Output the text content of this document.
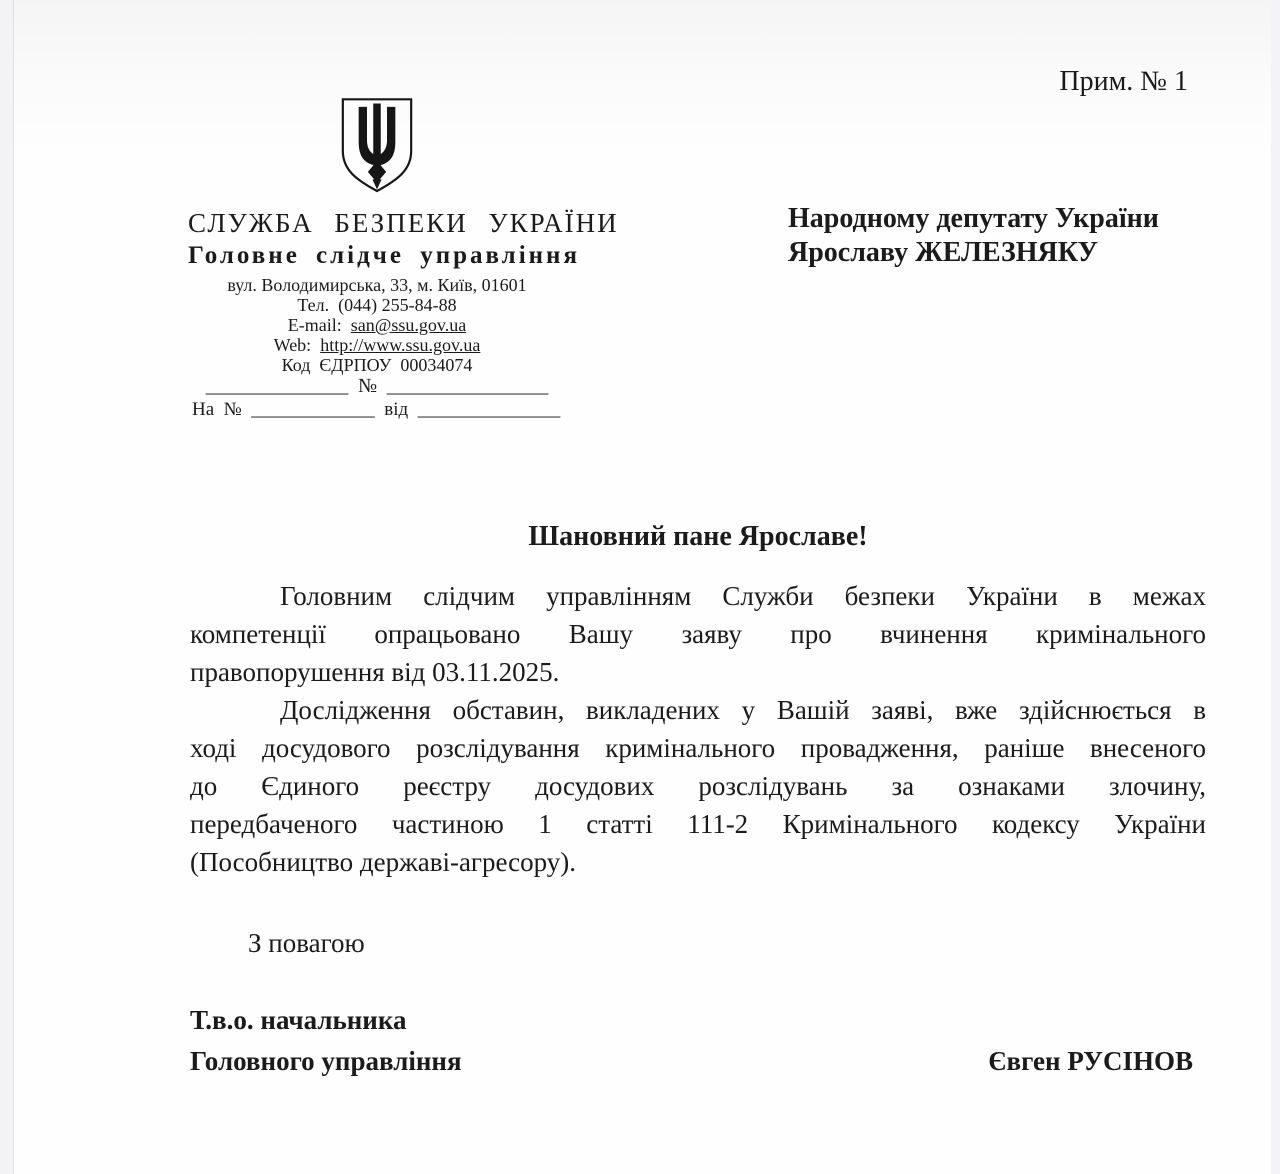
Прим. № 1
СЛУЖБА БЕЗПЕКИ УКРАЇНИ
Головне слідче управління
вул. Володимирська, 33, м. Київ, 01601
Тел.  (044) 255-84-88
E-mail:  san@ssu.gov.ua
Web:  http://www.ssu.gov.ua
Код  ЄДРПОУ  00034074
_______________  №  _________________
На  №  _____________  від  _______________
Народному депутату України
Ярославу ЖЕЛЕЗНЯКУ
Шановний пане Ярославе!
Головним слідчим управлінням Служби безпеки України в межах
компетенції опрацьовано Вашу заяву про вчинення кримінального
правопорушення від 03.11.2025.
Дослідження обставин, викладених у Вашій заяві, вже здійснюється в
ході досудового розслідування кримінального провадження, раніше внесеного
до Єдиного реєстру досудових розслідувань за ознаками злочину,
передбаченого частиною 1 статті 111-2 Кримінального кодексу України
(Пособництво державі-агресору).
З повагою
Т.в.о. начальника
Головного управління	Євген РУСІНОВ
